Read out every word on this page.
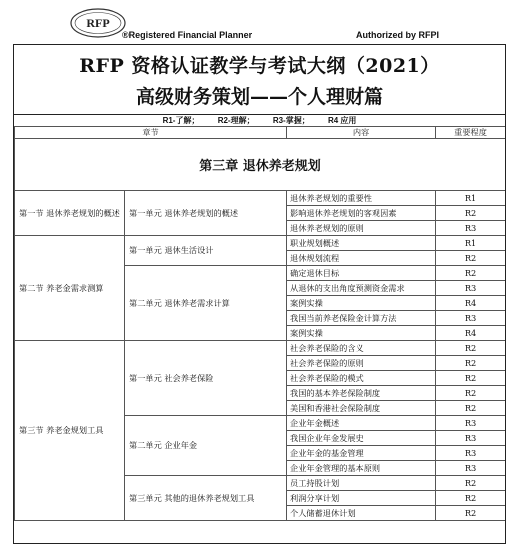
RFP
®Registered Financial Planner	Authorized by RFPI
RFP 资格认证教学与考试大纲（2021）
高级财务策划——个人理财篇
R1-了解； R2-理解； R3-掌握； R4 应用
章节		内容	重要程度
第三章 退休养老规划			
第一节 退休养老规划的概述	第一单元 退休养老规划的概述	退休养老规划的重要性	R1
		影响退休养老规划的客观因素	R2
		退休养老规划的原则	R3
第二节 养老金需求测算	第一单元 退休生活设计	职业规划概述	R1
		退休规划流程	R2
	第二单元 退休养老需求计算	确定退休目标	R2
		从退休的支出角度预测资金需求	R3
		案例实操	R4
		我国当前养老保险金计算方法	R3
		案例实操	R4
第三节 养老金规划工具	第一单元 社会养老保险	社会养老保险的含义	R2
		社会养老保险的原则	R2
		社会养老保险的模式	R2
		我国的基本养老保险制度	R2
		美国和香港社会保险制度	R2
	第二单元 企业年金	企业年金概述	R3
		我国企业年金发展史	R3
		企业年金的基金管理	R3
		企业年金管理的基本原则	R3
	第三单元 其他的退休养老规划工具	员工持股计划	R2
		利润分享计划	R2
		个人储蓄退休计划	R2
